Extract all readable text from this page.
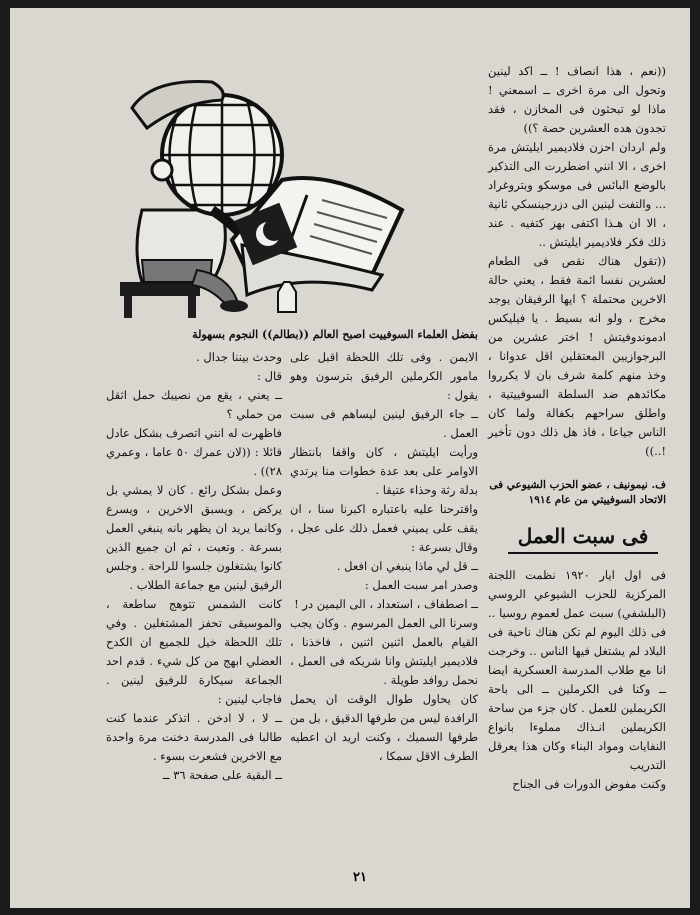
بفضل العلماء السوفييت اصبح العالم ((بطالم)) النجوم بسهولة

((نعم ، هذا انصاف ! ــ اكد لينين وتحول الى مرة اخرى ــ اسمعني ! ماذا لو تبحثون فى المخازن ، فقد تجدون هده العشرين حصة ؟))

ولم اردان احزن فلاديمير ايليتش مرة اخرى ، الا انني اضطررت الى التذكير بالوضع البائس فى موسكو وبتروغراد ... والتفت لينين الى دزرجينسكي ثانية ، الا ان هـذا اكتفى بهز كتفيه . عند ذلك فكر فلاديمير ايليتش ..

((تقول هناك نقص فى الطعام لعشرين نفسا ائمة فقط ، يعني حالة الاخرين محتملة ؟ ايها الرفيقان يوجد مخرج ، ولو انه بسيط . يا فيليكس ادموندوفيتش ! اختر عشرين من البرجوازيين المعتقلين اقل عدوانا ، وخذ منهم كلمة شرف بان لا يكرروا مكائدهم ضد السلطة السوفييتية ، واطلق سراحهم بكفالة ولما كان الناس جياعا ، فاذ هل ذلك دون تأخير !..))

ف. نيمونيف ، عضو الحزب الشيوعي فى الاتحاد السوفييتي من عام ١٩١٤
فى سبت العمل

فى اول ايار ١٩٢٠ نظمت اللجنة المركزية للحزب الشيوعي الروسي (البلشفي) سبت عمل لعموم روسيا .. فى ذلك اليوم لم تكن هناك ناحية فى البلاد لم يشتغل فيها الناس .. وخرجت انا مع طلاب المدرسة العسكرية ايضا ــ وكنا فى الكرملين ــ الى باحة الكريملين للعمل . كان جزء من ساحة الكريملين انـذاك مملوءا بانواع النفايات ومواد البناء وكان هذا يعرقل التدريب

وكنت مفوض الدورات فى الجناح

الايمن . وفى تلك اللحظة اقبل على مامور الكرملين الرفيق بترسون وهو يقول :

ــ جاء الرفيق لينين ليساهم فى سبت العمل .

ورأيت ايليتش ، كان واقفا بانتظار الاوامر على بعد عدة خطوات منا يرتدي بدلة رثة وحذاء عتيقا .

واقترحنا عليه باعتباره اكبرنا سنا ، ان يقف على يميني فعمل ذلك على عجل ، وقال بسرعة :

ــ قل لي ماذا ينبغي ان افعل .

وصدر امر سبت العمل :

ــ اصطفاف ، استعداد ، الى اليمين در !

وسرنا الى العمل المرسوم . وكان يجب القيام بالعمل اثنين اثنين ، فاخذنا ، فلاديمير ايليتش وانا شريكه فى العمل ، نحمل روافد طويلة .

كان يحاول طوال الوقت ان يحمل الرافدة ليس من طرفها الدقيق ، بل من طرفها السميك ، وكنت اريد ان اعطيه الطرف الاقل سمكا ،

وحدث بيننا جدال .

قال :

ــ يعني ، يقع من نصيبك حمل اثقل من حملي ؟

فاظهرت له انني اتصرف بشكل عادل قائلا : ((لان عمرك ٥٠ عاما ، وعمري ٢٨)) .

وعمل بشكل رائع . كان لا يمشي بل يركض ، ويسبق الاخرين ، ويسرع وكانما يريد ان يظهر بانه ينبغي العمل بسرعة . وتعبت ، ثم ان جميع الذين كانوا يشتغلون جلسوا للراحة . وجلس الرفيق لينين مع جماعة الطلاب .

كانت الشمس تتوهج ساطعة ، والموسيقى تحفز المشتغلين . وفي تلك اللحظة خيل للجميع ان الكدح العضلي ابهج من كل شيء . قدم احد الجماعة سيكارة للرفيق لينين . فاجاب لينين :

ــ لا ، لا ادخن . اتذكر عندما كنت طالبا فى المدرسة دخنت مرة واحدة مع الاخرين فشعرت بسوء .

ــ البقية على صفحة ٣٦ ــ

٢١
